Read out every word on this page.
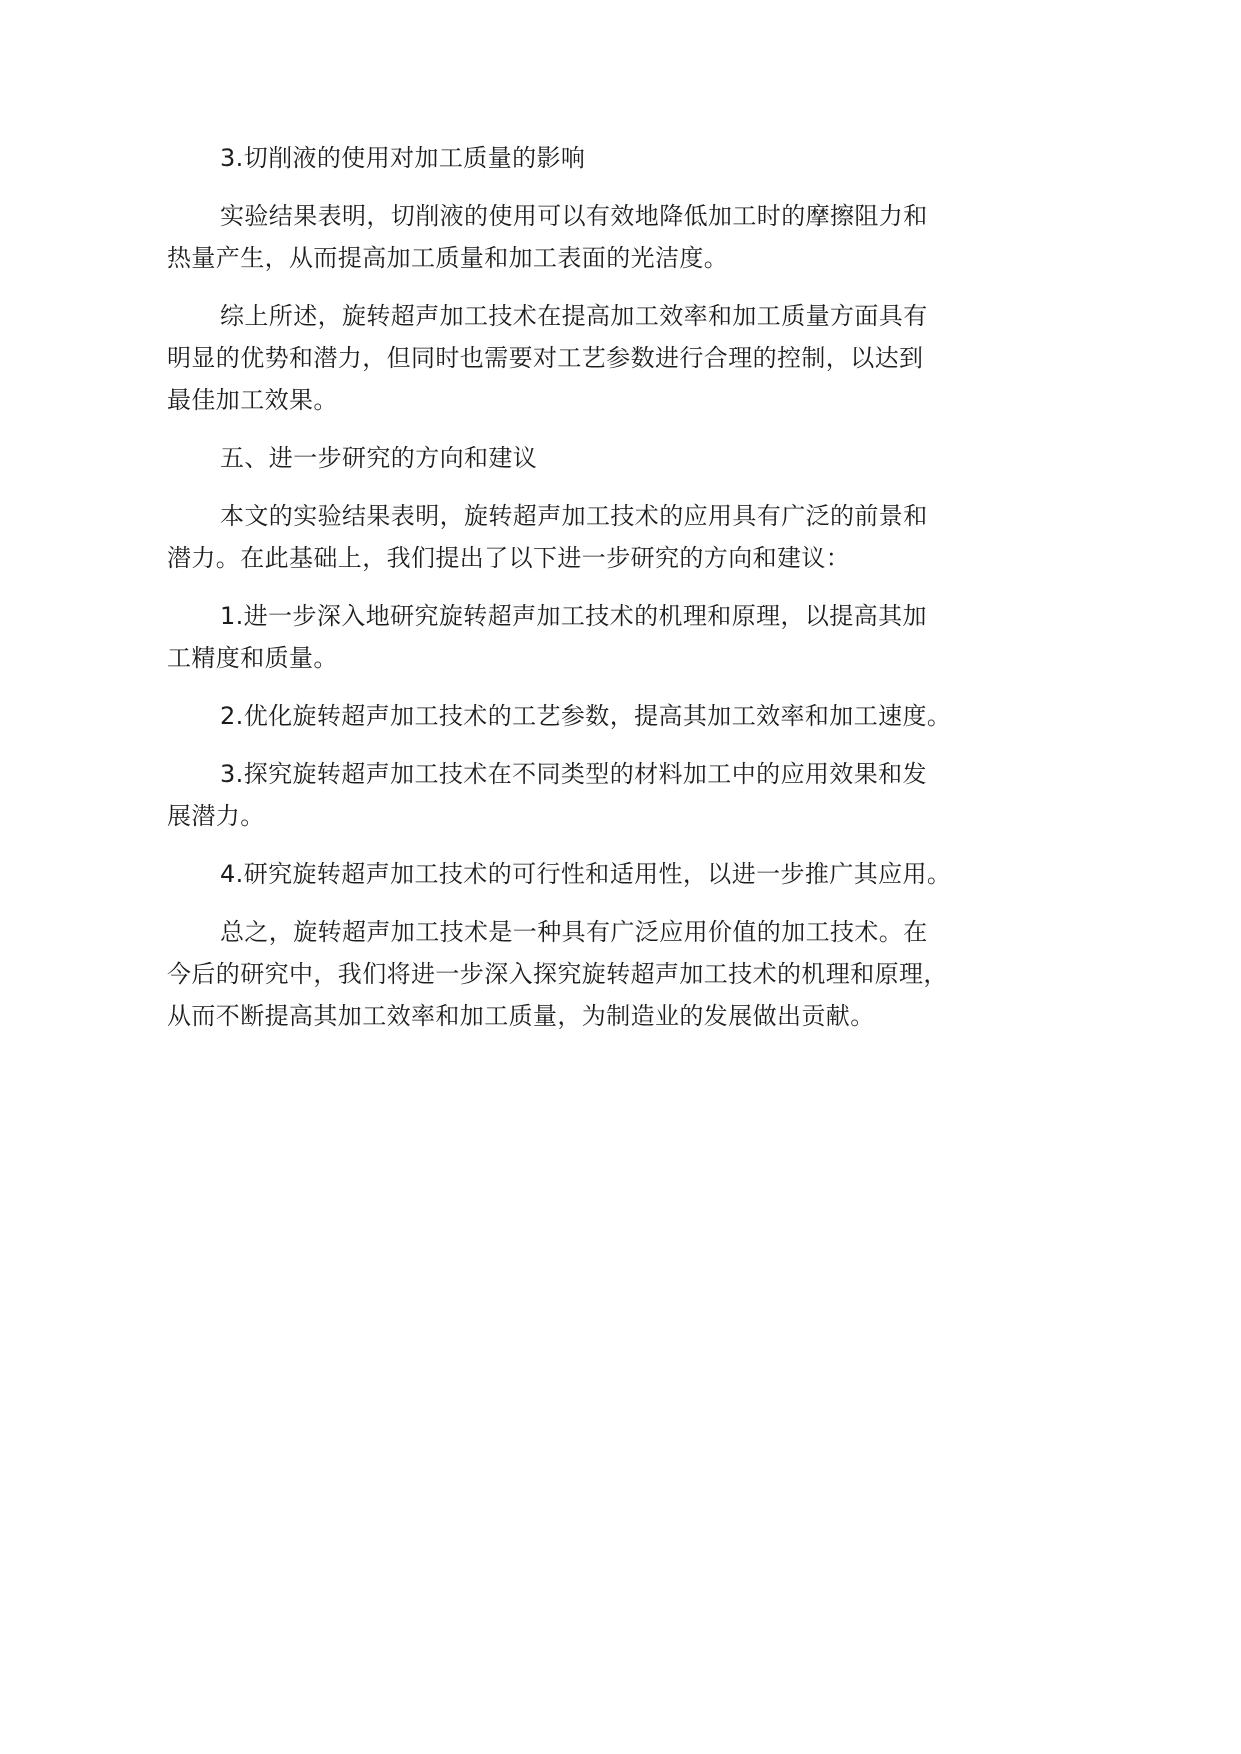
3.切削液的使用对加工质量的影响
实验结果表明，切削液的使用可以有效地降低加工时的摩擦阻力和
热量产生，从而提高加工质量和加工表面的光洁度。
综上所述，旋转超声加工技术在提高加工效率和加工质量方面具有
明显的优势和潜力，但同时也需要对工艺参数进行合理的控制，以达到
最佳加工效果。
五、进一步研究的方向和建议
本文的实验结果表明，旋转超声加工技术的应用具有广泛的前景和
潜力。在此基础上，我们提出了以下进一步研究的方向和建议：
1.进一步深入地研究旋转超声加工技术的机理和原理，以提高其加
工精度和质量。
2.优化旋转超声加工技术的工艺参数，提高其加工效率和加工速度。
3.探究旋转超声加工技术在不同类型的材料加工中的应用效果和发
展潜力。
4.研究旋转超声加工技术的可行性和适用性，以进一步推广其应用。
总之，旋转超声加工技术是一种具有广泛应用价值的加工技术。在
今后的研究中，我们将进一步深入探究旋转超声加工技术的机理和原理，
从而不断提高其加工效率和加工质量，为制造业的发展做出贡献。
